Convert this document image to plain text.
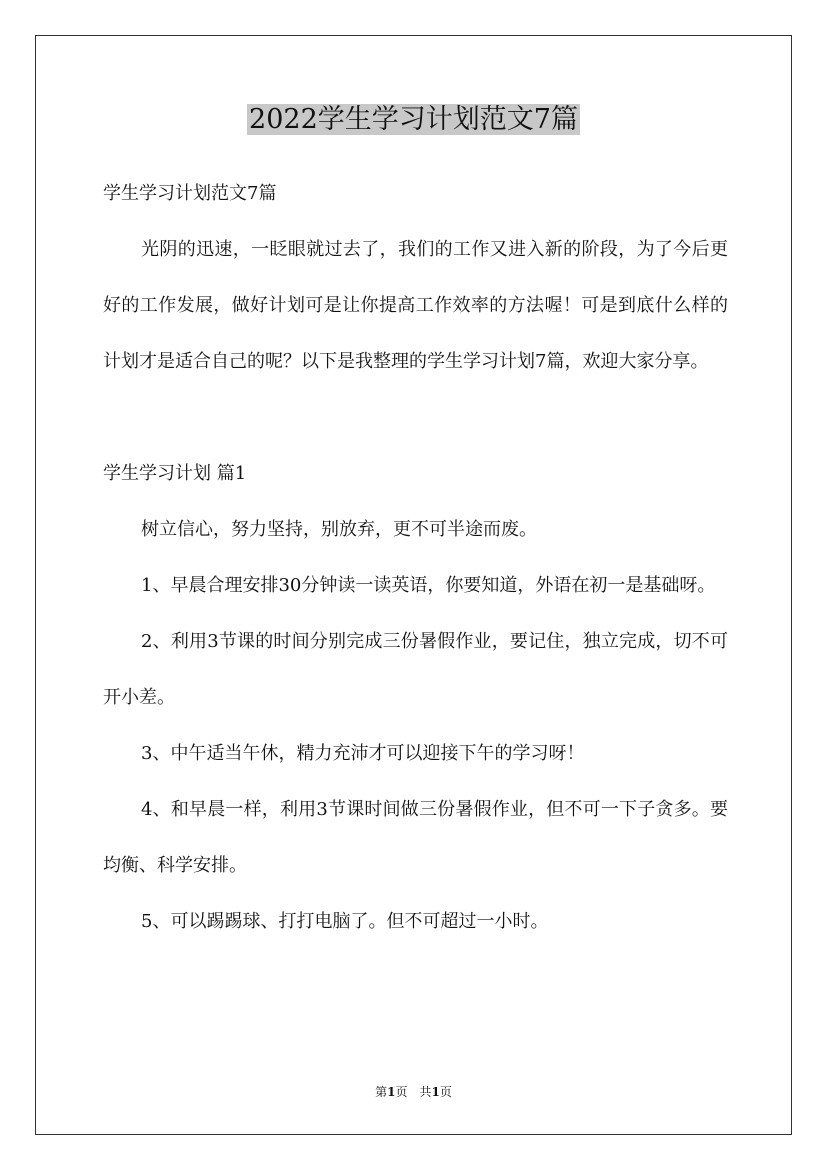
2022学生学习计划范文7篇

学生学习计划范文7篇

光阴的迅速，一眨眼就过去了，我们的工作又进入新的阶段，为了今后更好的工作发展，做好计划可是让你提高工作效率的方法喔！可是到底什么样的计划才是适合自己的呢？以下是我整理的学生学习计划7篇，欢迎大家分享。

学生学习计划 篇1

树立信心，努力坚持，别放弃，更不可半途而废。

1、早晨合理安排30分钟读一读英语，你要知道，外语在初一是基础呀。

2、利用3节课的时间分别完成三份暑假作业，要记住，独立完成，切不可开小差。

3、中午适当午休，精力充沛才可以迎接下午的学习呀！

4、和早晨一样，利用3节课时间做三份暑假作业，但不可一下子贪多。要均衡、科学安排。

5、可以踢踢球、打打电脑了。但不可超过一小时。

第1页　共1页
